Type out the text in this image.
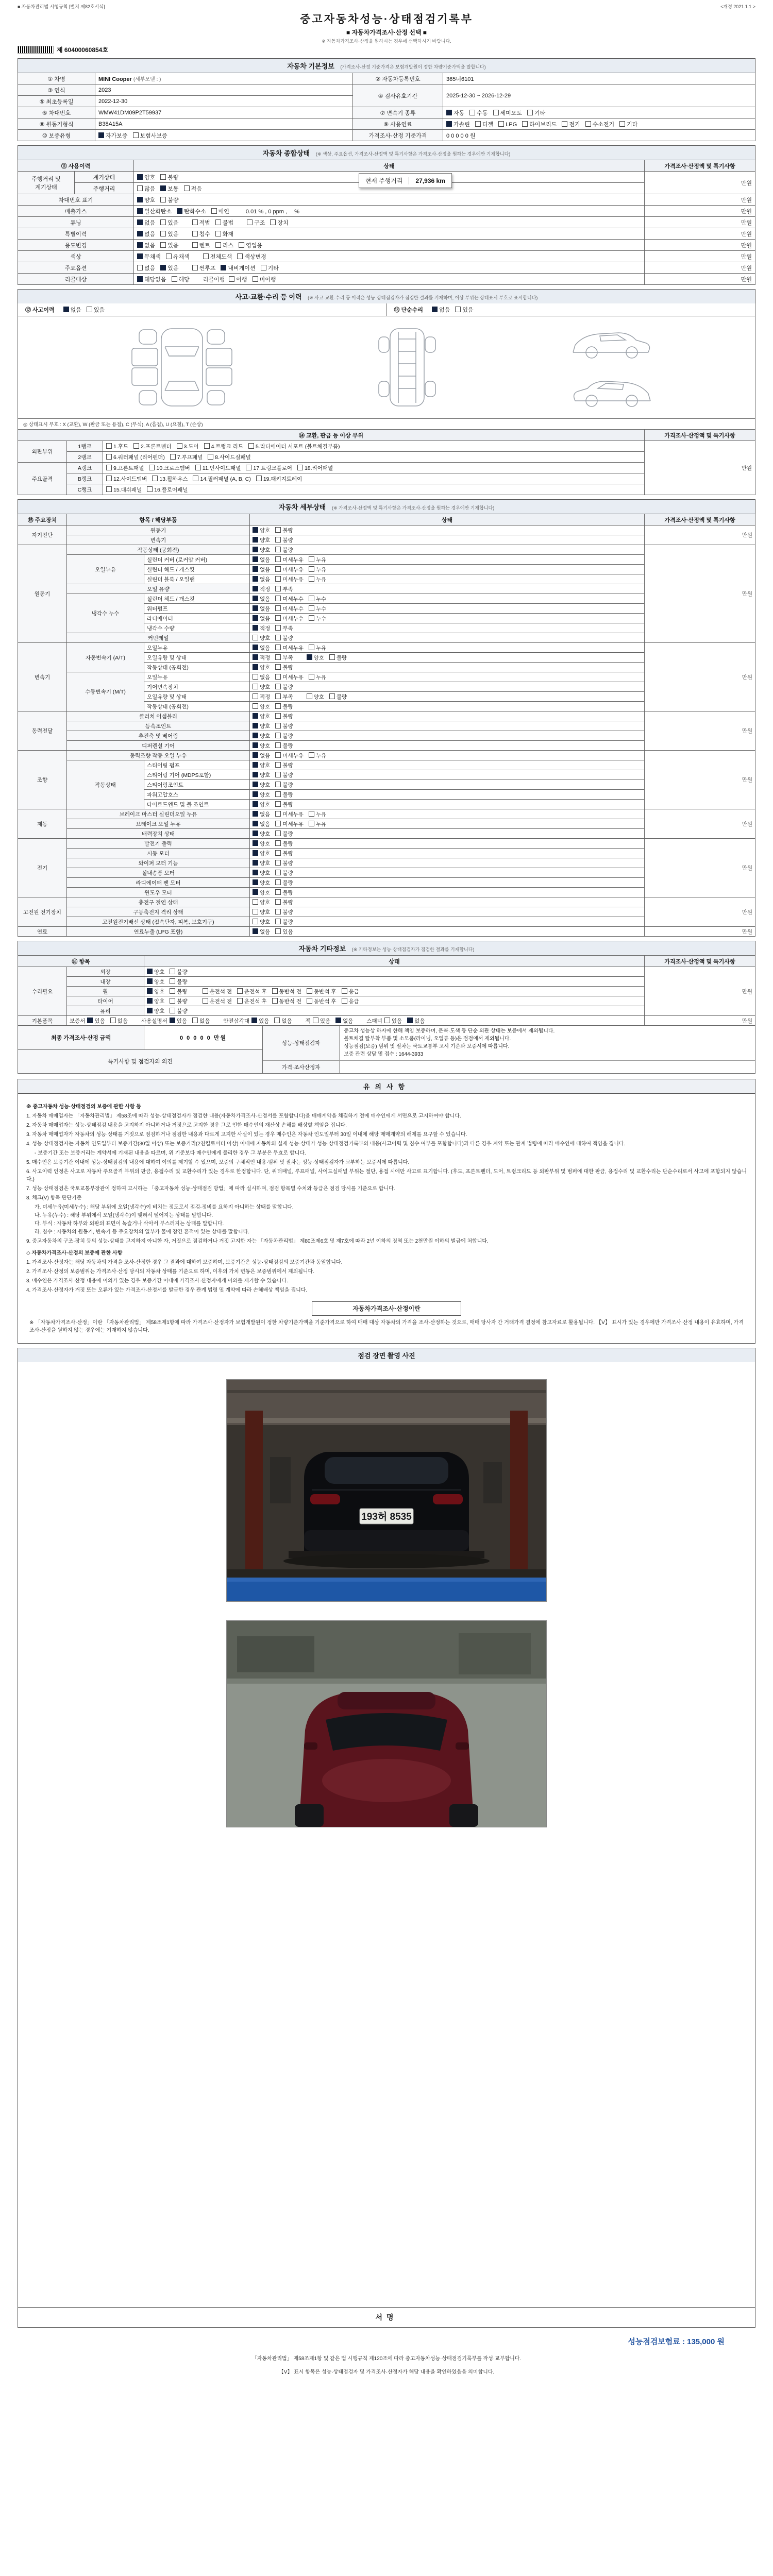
■ 자동차관리법 시행규칙 [별지 제82호서식]	<개정 2021.1.1.>
중고자동차성능·상태점검기록부
■ 자동차가격조사·산정 선택 ■
※ 자동차가격조사·산정을 원하시는 경우에 선택하시기 바랍니다.
제 60400060854호
자동차 기본정보 (가격조사·산정 기준가격은 보험개발원이 정한 차량기준가액을 말합니다)
① 차명	MINI Cooper (세부모델 : )	② 자동차등록번호	365너6101
③ 연식	2023	④ 검사유효기간	2025-12-30 ~ 2026-12-29
⑤ 최초등록일	2022-12-30		
⑥ 차대번호	WMW41DM09P2T59937	⑦ 변속기 종류	자동 수동 세미오토 기타
⑧ 원동기형식	B38A15A	⑨ 사용연료	가솔린 디젤 LPG 하이브리드 전기 수소전기 기타
⑩ 보증유형	자가보증 보험사보증	가격조사·산정 기준가격	0 0 0 0 0 원
자동차 종합상태 (※ 색상, 주요옵션, 가격조사·산정액 및 특기사항은 가격조사·산정을 원하는 경우에만 기재합니다)
⑪ 사용이력		상태	가격조사·산정액 및 특기사항
주행거리 및 계기상태	계기상태	양호 불량 현재 주행거리 27,936 km	만원
	주행거리	많음 보통 적음	
차대번호 표기		양호 불량	만원
배출가스		일산화탄소 탄화수소 매연 0.01 % , 0 ppm ,　 %	만원
튜닝		없음 있음 적법 불법 구조 장치	만원
특별이력		없음 있음 침수 화재	만원
용도변경		없음 있음 렌트 리스 영업용	만원
색상		무채색 유채색 전체도색 색상변경	만원
주요옵션		없음 있음 썬루프 내비게이션 기타	만원
리콜대상		해당없음 해당 리콜이행 이행 미이행	만원
사고·교환·수리 등 이력 (※ 사고·교환·수리 등 이력은 성능·상태점검자가 점검한 결과를 기재하며, 이상 부위는 상태표시 부호로 표시합니다)
⑫ 사고이력	없음 있음	⑬ 단순수리	없음 있음
◎ 상태표시 부호 : X (교환), W (판금 또는 용접), C (부식), A (흠집), U (요철), T (손상)
⑭ 교환, 판금 등 이상 부위			가격조사·산정액 및 특기사항
외판부위	1랭크	1.후드 2.프론트펜더 3.도어 4.트렁크 리드 5.라디에이터 서포트 (볼트체결부품)	만원
	2랭크	6.쿼터패널 (리어펜더) 7.루프패널 8.사이드실패널	
주요골격	A랭크	9.프론트패널 10.크로스멤버 11.인사이드패널 17.트렁크플로어 18.리어패널	
	B랭크	12.사이드멤버 13.휠하우스 14.필러패널 (A, B, C) 19.패키지트레이	
	C랭크	15.대쉬패널 16.플로어패널	
자동차 세부상태 (※ 가격조사·산정액 및 특기사항은 가격조사·산정을 원하는 경우에만 기재합니다)
⑮ 주요장치	항목 / 해당부품		상태	가격조사·산정액 및 특기사항
자기진단	원동기		양호 불량	만원
	변속기		양호 불량	
원동기	작동상태 (공회전)		양호 불량	만원
	오일누유	실린더 커버 (로커암 커버)	없음 미세누유 누유	
		실린더 헤드 / 개스킷	없음 미세누유 누유	
		실린더 블록 / 오일팬	없음 미세누유 누유	
	오일 유량		적정 부족	
	냉각수 누수	실린더 헤드 / 개스킷	없음 미세누수 누수	
		워터펌프	없음 미세누수 누수	
		라디에이터	없음 미세누수 누수	
		냉각수 수량	적정 부족	
	커먼레일		양호 불량	
변속기	자동변속기 (A/T)	오일누유	없음 미세누유 누유	만원
		오일유량 및 상태	적정 부족 양호 불량	
		작동상태 (공회전)	양호 불량	
	수동변속기 (M/T)	오일누유	없음 미세누유 누유	
		기어변속장치	양호 불량	
		오일유량 및 상태	적정 부족 양호 불량	
		작동상태 (공회전)	양호 불량	
동력전달	클러치 어셈블리		양호 불량	만원
	등속조인트		양호 불량	
	추진축 및 베어링		양호 불량	
	디퍼렌셜 기어		양호 불량	
조향	동력조향 작동 오일 누유		없음 미세누유 누유	만원
	작동상태	스티어링 펌프	양호 불량	
		스티어링 기어 (MDPS포함)	양호 불량	
		스티어링조인트	양호 불량	
		파워고압호스	양호 불량	
		타이로드엔드 및 볼 조인트	양호 불량	
제동	브레이크 마스터 실린더오일 누유		없음 미세누유 누유	만원
	브레이크 오일 누유		없음 미세누유 누유	
	배력장치 상태		양호 불량	
전기	발전기 출력		양호 불량	만원
	시동 모터		양호 불량	
	와이퍼 모터 기능		양호 불량	
	실내송풍 모터		양호 불량	
	라디에이터 팬 모터		양호 불량	
	윈도우 모터		양호 불량	
고전원 전기장치	충전구 절연 상태		양호 불량	만원
	구동축전지 격리 상태		양호 불량	
	고전원전기배선 상태 (접속단자, 피복, 보호기구)		양호 불량	
연료	연료누출 (LPG 포함)		없음 있음	만원
자동차 기타정보 (※ 기타정보는 성능·상태점검자가 점검한 결과를 기재합니다)
⑯ 항목		상태	가격조사·산정액 및 특기사항
수리필요	외장	양호 불량	만원
	내장	양호 불량	
	휠	양호 불량 운전석 전 운전석 후 동반석 전 동반석 후 응급	
	타이어	양호 불량 운전석 전 운전석 후 동반석 전 동반석 후 응급	
	유리	양호 불량	
기본품목	보증서 있음 없음 사용설명서 있음 없음 안전삼각대 있음 없음 잭 있음 없음 스패너 있음 없음		만원
최종 가격조사·산정 금액	0 0 0 0 0 만원	
성능·상태점검자

중고차 성능상 하자에 한해 책임 보증하며, 문콕·도색 등 단순 외관 상태는 보증에서 제외됩니다.

볼트체결 탈부착 부품 및 소모품(라이닝, 오일류 등)은 점검에서 제외됩니다.

성능점검(보증) 범위 및 절차는 국토교통부 고시 기준과 보증서에 따릅니다.

보증 관련 상담 및 접수 : 1644-3933

가격·조사산정자

특기사항 및 점검자의 의견
유의사항

※ 중고자동차 성능·상태점검의 보증에 관한 사항 등

1. 자동차 매매업자는 「자동차관리법」 제58조에 따라 성능·상태점검자가 점검한 내용(자동차가격조사·산정서를 포함합니다)을 매매계약을 체결하기 전에 매수인에게 서면으로 고지하여야 합니다.

2. 자동차 매매업자는 성능·상태점검 내용을 고지하지 아니하거나 거짓으로 고지한 경우 그로 인한 매수인의 재산상 손해를 배상할 책임을 집니다.

3. 자동차 매매업자가 자동차의 성능·상태를 거짓으로 점검하거나 점검한 내용과 다르게 고지한 사실이 있는 경우 매수인은 자동차 인도일부터 30일 이내에 해당 매매계약의 해제를 요구할 수 있습니다.

4. 성능·상태점검자는 자동차 인도일부터 보증기간(30일 이상) 또는 보증거리(2천킬로미터 이상) 이내에 자동차의 실제 성능·상태가 성능·상태점검기록부의 내용(사고이력 및 침수 여부를 포함합니다)과 다른 경우 계약 또는 관계 법령에 따라 매수인에 대하여 책임을 집니다.

- 보증기간 또는 보증거리는 계약서에 기재된 내용을 따르며, 위 기준보다 매수인에게 불리한 경우 그 부분은 무효로 합니다.

5. 매수인은 보증기간 이내에 성능·상태점검의 내용에 대하여 이의를 제기할 수 있으며, 보증의 구체적인 내용·범위 및 절차는 성능·상태점검자가 교부하는 보증서에 따릅니다.

6. 사고이력 인정은 사고로 자동차 주요골격 부위의 판금, 용접수리 및 교환수리가 있는 경우로 한정합니다. 단, 쿼터패널, 루프패널, 사이드실패널 부위는 절단, 용접 시에만 사고로 표기합니다. (후드, 프론트펜더, 도어, 트렁크리드 등 외판부위 및 범퍼에 대한 판금, 용접수리 및 교환수리는 단순수리로서 사고에 포함되지 않습니다.)

7. 성능·상태점검은 국토교통부장관이 정하여 고시하는 「중고자동차 성능·상태점검 방법」에 따라 실시하며, 점검 항목별 수치와 등급은 점검 당시를 기준으로 합니다.

8. 체크(V) 항목 판단기준

가. 미세누유(미세누수) : 해당 부위에 오일(냉각수)이 비치는 정도로서 점검·정비를 요하지 아니하는 상태를 말합니다.

나. 누유(누수) : 해당 부위에서 오일(냉각수)이 맺혀서 떨어지는 상태를 말합니다.

다. 부식 : 자동차 하부와 외판의 표면이 녹슬거나 삭아서 부스러지는 상태를 말합니다.

라. 침수 : 자동차의 원동기, 변속기 등 주요장치의 일부가 물에 잠긴 흔적이 있는 상태를 말합니다.

9. 중고자동차의 구조·장치 등의 성능·상태를 고지하지 아니한 자, 거짓으로 점검하거나 거짓 고지한 자는 「자동차관리법」 제80조제6호 및 제7호에 따라 2년 이하의 징역 또는 2천만원 이하의 벌금에 처합니다.

◇ 자동차가격조사·산정의 보증에 관한 사항

1. 가격조사·산정자는 해당 자동차의 가격을 조사·산정한 경우 그 결과에 대하여 보증하며, 보증기간은 성능·상태점검의 보증기간과 동일합니다.

2. 가격조사·산정의 보증범위는 가격조사·산정 당시의 자동차 상태를 기준으로 하며, 이후의 가치 변동은 보증범위에서 제외됩니다.

3. 매수인은 가격조사·산정 내용에 이의가 있는 경우 보증기간 이내에 가격조사·산정자에게 이의를 제기할 수 있습니다.

4. 가격조사·산정자가 거짓 또는 오류가 있는 가격조사·산정서를 발급한 경우 관계 법령 및 계약에 따라 손해배상 책임을 집니다.

자동차가격조사·산정이란

※ 「자동차가격조사·산정」이란 「자동차관리법」 제58조제1항에 따라 가격조사·산정자가 보험개발원이 정한 차량기준가액을 기준가격으로 하여 매매 대상 자동차의 가격을 조사·산정하는 것으로, 매매 당사자 간 거래가격 결정에 참고자료로 활용됩니다. 【V】 표시가 있는 경우에만 가격조사·산정 내용이 유효하며, 가격조사·산정을 원하지 않는 경우에는 기재하지 않습니다.

점검 장면 촬영 사진
193허 8535
서명
성능점검보험료 : 135,000 원

「자동차관리법」 제58조제1항 및 같은 법 시행규칙 제120조에 따라 중고자동차성능·상태점검기록부를 작성·교부합니다.

【V】 표시 항목은 성능·상태점검자 및 가격조사·산정자가 해당 내용을 확인하였음을 의미합니다.
